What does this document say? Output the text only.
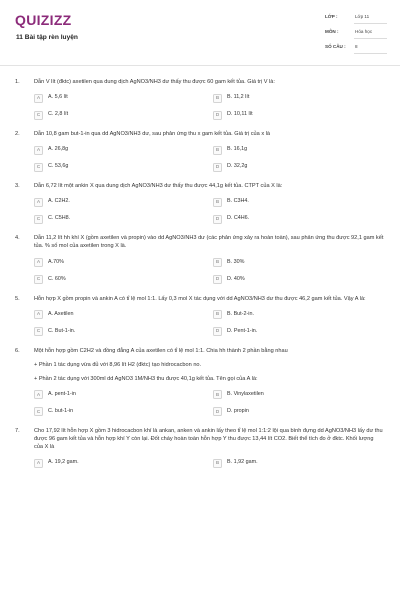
QUIZIZZ
11 Bài tập rèn luyện
LỚP :	Lớp 11
MÔN :	Hóa học
SỐ CÂU : 8
1.	Dẫn V lít (đktc) axetilen qua dung dịch AgNO3/NH3 dư thấy thu được 60 gam kết tủa. Giá trị V là:

A	A. 5,6 lít	B	B. 11,2 lít
C	C. 2,8 lít	D	D. 10,11 lít
2.	Dẫn 10,8 gam but-1-in qua dd AgNO3/NH3 dư, sau phản ứng thu x gam kết tủa. Giá trị của x là

A	A. 26,8g	B	B. 16,1g
C	C. 53,6g	D	D. 32,2g
3.	Dẫn 6,72 lít một ankin X qua dung dịch AgNO3/NH3 dư thấy thu được 44,1g kết tủa. CTPT của X là:

A	A. C2H2.	B	B. C3H4.
C	C. C5H8.	D	D. C4H6.
4.	Dẫn 11,2 lít hh khí X (gồm axetilen và propin) vào dd AgNO3/NH3 dư (các phản ứng xảy ra hoàn toàn), sau phản ứng thu được 92,1 gam kết tủa. % số mol của axetilen trong X là.

A	A.70%	B	B. 30%
C	C. 60%	D	D. 40%
5.	Hỗn hợp X gồm propin và ankin A có tỉ lệ mol 1:1. Lấy 0,3 mol X tác dụng với dd AgNO3/NH3 dư thu được 46,2 gam kết tủa. Vậy A là:

A	A. Axetilen	B	B. But-2-in.
C	C. But-1-in.	D	D. Pent-1-in.
6.	Một hỗn hợp gồm C2H2 và đồng đẳng A của axetilen có tỉ lệ mol 1:1. Chia hh thành 2 phần bằng nhau

+ Phần 1 tác dụng vừa đủ với 8,96 lít H2 (đktc) tạo hidrocacbon no.

+ Phần 2 tác dụng với 300ml dd AgNO3 1M/NH3 thu được 40,1g kết tủa. Tên gọi của A là:

A	A. pent-1-in	B	B. Vinylaxetilen
C	C. but-1-in	D	D. propin
7.	Cho 17,92 lít hỗn hợp X gồm 3 hidrocacbon khí là ankan, anken và ankin lấy theo tỉ lệ mol 1:1:2 lội qua bình đựng dd AgNO3/NH3 lấy dư thu được 96 gam kết tủa và hỗn hợp khí Y còn lại. Đốt cháy hoàn toàn hỗn hợp Y thu được 13,44 lít CO2. Biết thể tích đo ở đktc. Khối lượng của X là

A	A. 19,2 gam.	B	B. 1,92 gam.
